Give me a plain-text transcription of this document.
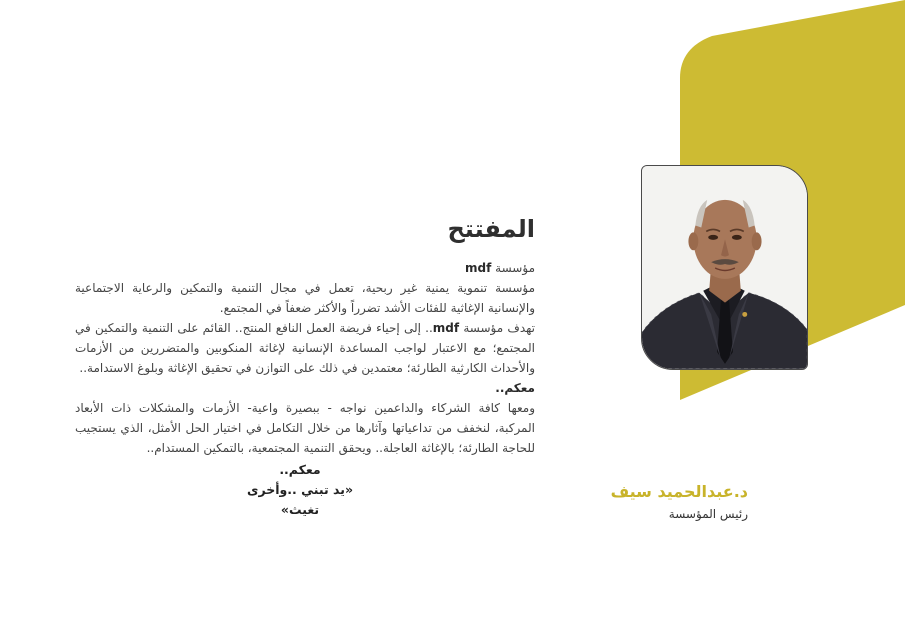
المفتتح
مؤسسة mdf
مؤسسة تنموية يمنية غير ربحية، تعمل في مجال التنمية والتمكين والرعاية الاجتماعية والإنسانية الإغاثية للفئات الأشد تضرراً والأكثر ضعفاً في المجتمع.
تهدف مؤسسة mdf.. إلى إحياء فريضة العمل النافع المنتج.. القائم على التنمية والتمكين في المجتمع؛ مع الاعتبار لواجب المساعدة الإنسانية لإغاثة المنكوبين والمتضررين من الأزمات والأحداث الكارثية الطارئة؛ معتمدين في ذلك على التوازن في تحقيق الإغاثة وبلوغ الاستدامة..
معكم..
ومعها كافة الشركاء والداعمين نواجه - ببصيرة واعية- الأزمات والمشكلات ذات الأبعاد المركبة، لنخفف من تداعياتها وآثارها من خلال التكامل في اختيار الحل الأمثل، الذي يستجيب للحاجة الطارئة؛ بالإغاثة العاجلة.. ويحقق التنمية المجتمعية، بالتمكين المستدام..
معكم..
«يد تبني ..وأخرى تغيث»
د.عبدالحميد سيف
رئيس المؤسسة
